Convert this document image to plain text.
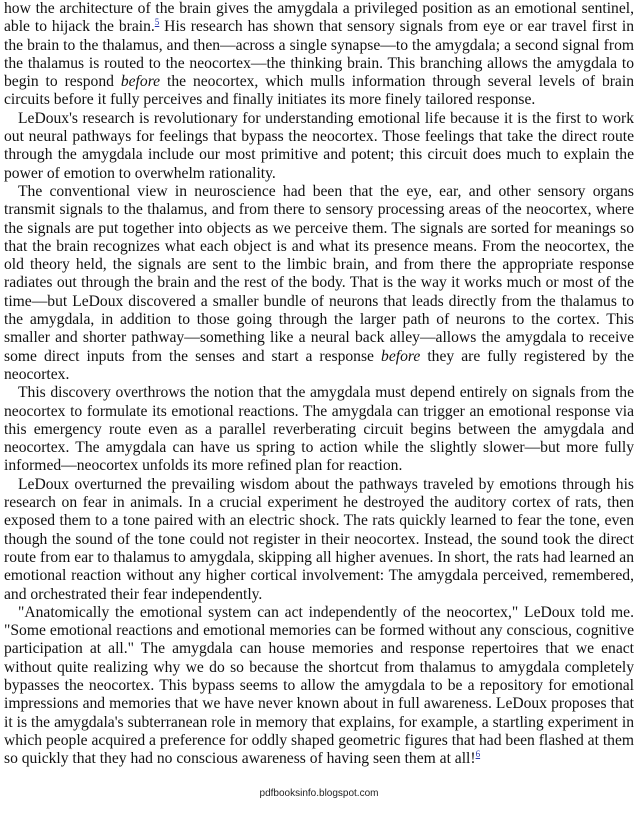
how the architecture of the brain gives the amygdala a privileged position as an emotional sentinel, able to hijack the brain.$^5$ His research has shown that sensory signals from eye or ear travel first in the brain to the thalamus, and then—across a single synapse—to the amygdala; a second signal from the thalamus is routed to the neocortex—the thinking brain. This branching allows the amygdala to begin to respond before the neocortex, which mulls information through several levels of brain circuits before it fully perceives and finally initiates its more finely tailored response.

LeDoux's research is revolutionary for understanding emotional life because it is the first to work out neural pathways for feelings that bypass the neocortex. Those feelings that take the direct route through the amygdala include our most primitive and potent; this circuit does much to explain the power of emotion to overwhelm rationality.

The conventional view in neuroscience had been that the eye, ear, and other sensory organs transmit signals to the thalamus, and from there to sensory processing areas of the neocortex, where the signals are put together into objects as we perceive them. The signals are sorted for meanings so that the brain recognizes what each object is and what its presence means. From the neocortex, the old theory held, the signals are sent to the limbic brain, and from there the appropriate response radiates out through the brain and the rest of the body. That is the way it works much or most of the time—but LeDoux discovered a smaller bundle of neurons that leads directly from the thalamus to the amygdala, in addition to those going through the larger path of neurons to the cortex. This smaller and shorter pathway—something like a neural back alley—allows the amygdala to receive some direct inputs from the senses and start a response before they are fully registered by the neocortex.

This discovery overthrows the notion that the amygdala must depend entirely on signals from the neocortex to formulate its emotional reactions. The amygdala can trigger an emotional response via this emergency route even as a parallel reverberating circuit begins between the amygdala and neocortex. The amygdala can have us spring to action while the slightly slower—but more fully informed—neocortex unfolds its more refined plan for reaction.

LeDoux overturned the prevailing wisdom about the pathways traveled by emotions through his research on fear in animals. In a crucial experiment he destroyed the auditory cortex of rats, then exposed them to a tone paired with an electric shock. The rats quickly learned to fear the tone, even though the sound of the tone could not register in their neocortex. Instead, the sound took the direct route from ear to thalamus to amygdala, skipping all higher avenues. In short, the rats had learned an emotional reaction without any higher cortical involvement: The amygdala perceived, remembered, and orchestrated their fear independently.

"Anatomically the emotional system can act independently of the neocortex," LeDoux told me. "Some emotional reactions and emotional memories can be formed without any conscious, cognitive participation at all." The amygdala can house memories and response repertoires that we enact without quite realizing why we do so because the shortcut from thalamus to amygdala completely bypasses the neocortex. This bypass seems to allow the amygdala to be a repository for emotional impressions and memories that we have never known about in full awareness. LeDoux proposes that it is the amygdala's subterranean role in memory that explains, for example, a startling experiment in which people acquired a preference for oddly shaped geometric figures that had been flashed at them so quickly that they had no conscious awareness of having seen them at all!$^6$

pdfbooksinfo.blogspot.com
